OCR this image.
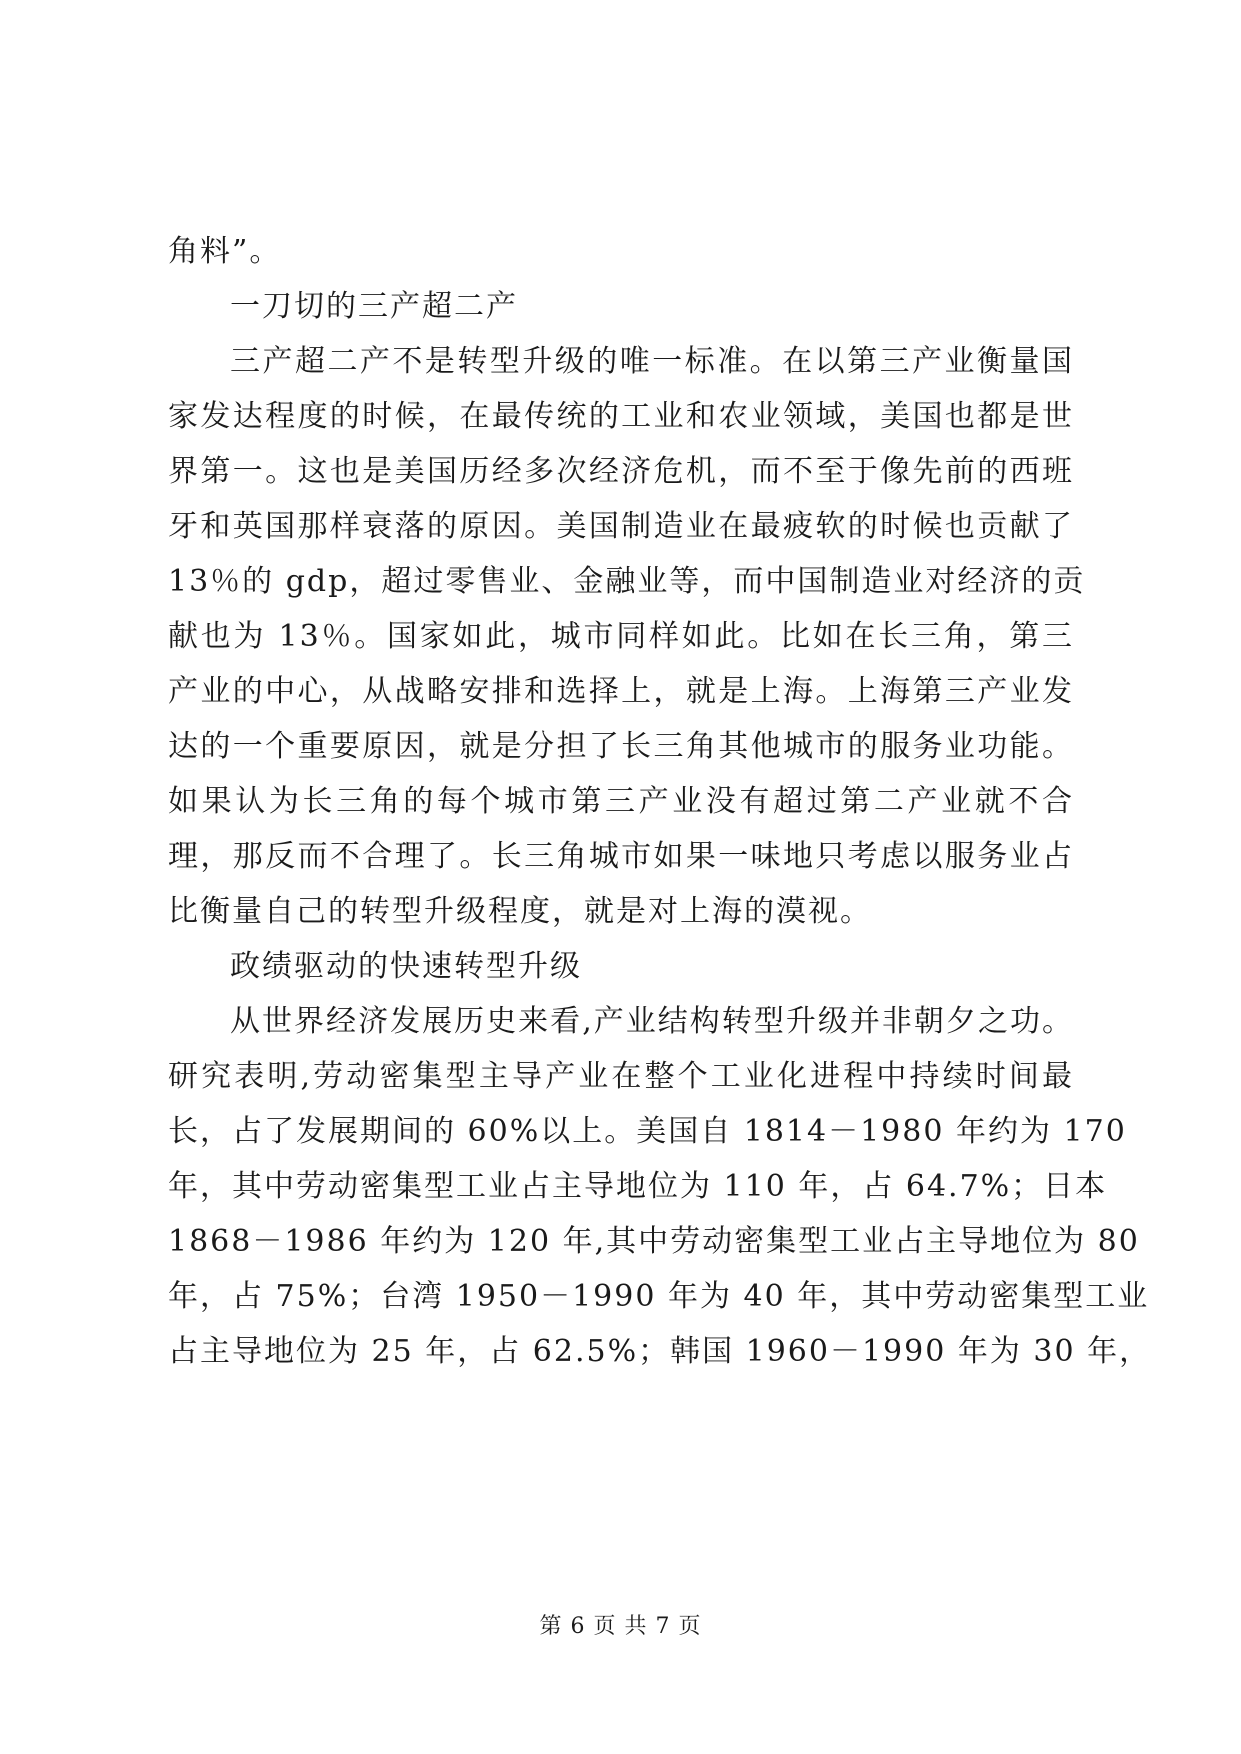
角料”。
一刀切的三产超二产
三产超二产不是转型升级的唯一标准。在以第三产业衡量国
家发达程度的时候，在最传统的工业和农业领域，美国也都是世
界第一。这也是美国历经多次经济危机，而不至于像先前的西班
牙和英国那样衰落的原因。美国制造业在最疲软的时候也贡献了
13％的 gdp，超过零售业、金融业等，而中国制造业对经济的贡
献也为 13％。国家如此，城市同样如此。比如在长三角，第三
产业的中心，从战略安排和选择上，就是上海。上海第三产业发
达的一个重要原因，就是分担了长三角其他城市的服务业功能。
如果认为长三角的每个城市第三产业没有超过第二产业就不合
理，那反而不合理了。长三角城市如果一味地只考虑以服务业占
比衡量自己的转型升级程度，就是对上海的漠视。
政绩驱动的快速转型升级
从世界经济发展历史来看,产业结构转型升级并非朝夕之功。
研究表明,劳动密集型主导产业在整个工业化进程中持续时间最
长，占了发展期间的 60%以上。美国自 1814－1980 年约为 170
年，其中劳动密集型工业占主导地位为 110 年，占 64.7%；日本
1868－1986 年约为 120 年,其中劳动密集型工业占主导地位为 80
年，占 75%；台湾 1950－1990 年为 40 年，其中劳动密集型工业
占主导地位为 25 年，占 62.5%；韩国 1960－1990 年为 30 年，
第 6 页 共 7 页
